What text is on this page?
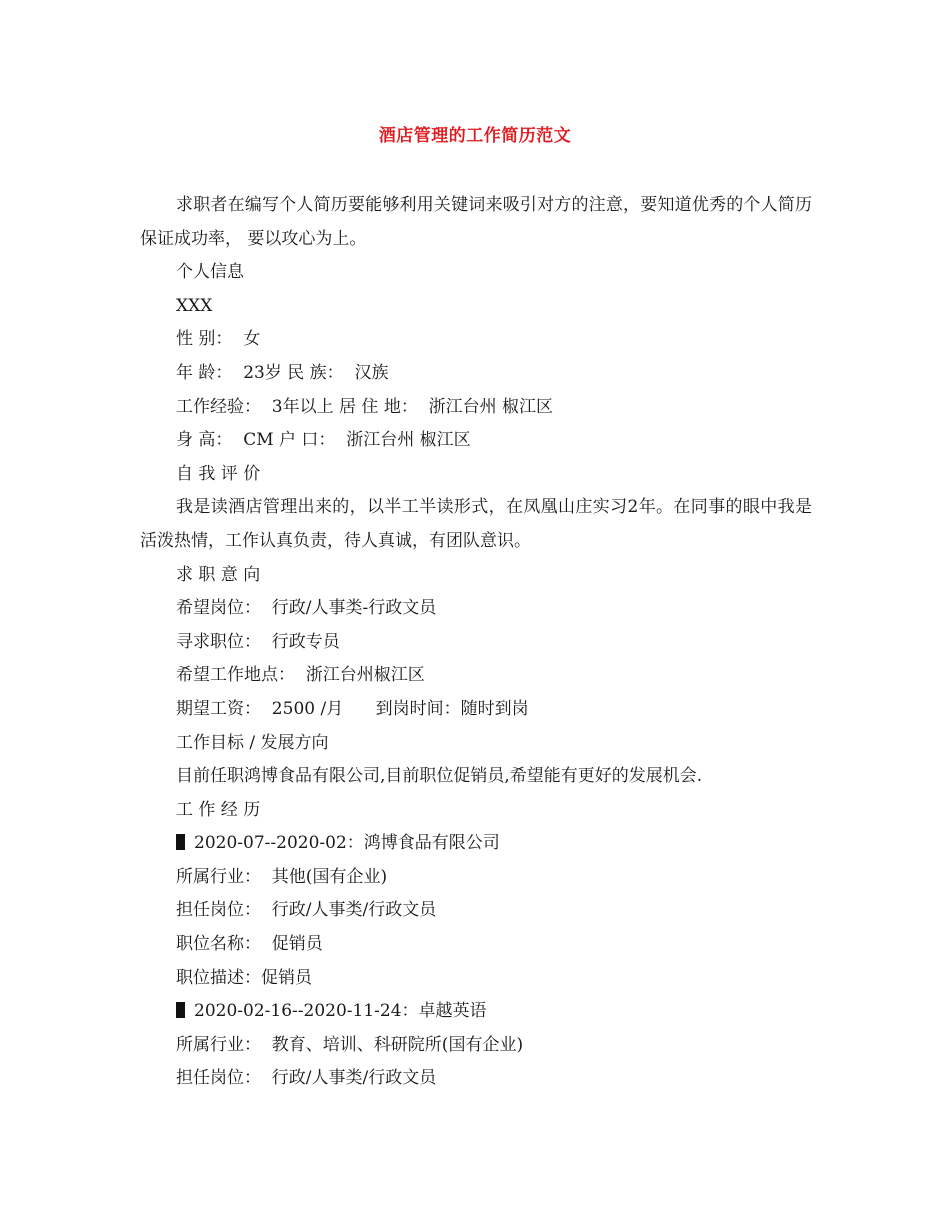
酒店管理的工作简历范文

求职者在编写个人简历要能够利用关键词来吸引对方的注意，要知道优秀的个人简历保证成功率， 要以攻心为上。

个人信息

XXX

性 别：  女

年 龄：  23岁 民 族：  汉族

工作经验：  3年以上 居 住 地：  浙江台州 椒江区

身 高：  CM 户 口：  浙江台州 椒江区

自 我 评 价

我是读酒店管理出来的，以半工半读形式，在凤凰山庄实习2年。在同事的眼中我是活泼热情，工作认真负责，待人真诚，有团队意识。

求 职 意 向

希望岗位：  行政/人事类-行政文员

寻求职位：  行政专员

希望工作地点：  浙江台州椒江区

期望工资：  2500 /月      到岗时间：随时到岗

工作目标 / 发展方向

目前任职鸿博食品有限公司,目前职位促销员,希望能有更好的发展机会.

工 作 经 历

2020-07--2020-02：鸿博食品有限公司

所属行业：  其他(国有企业)

担任岗位：  行政/人事类/行政文员

职位名称：  促销员

职位描述：促销员

2020-02-16--2020-11-24：卓越英语

所属行业：  教育、培训、科研院所(国有企业)

担任岗位：  行政/人事类/行政文员
